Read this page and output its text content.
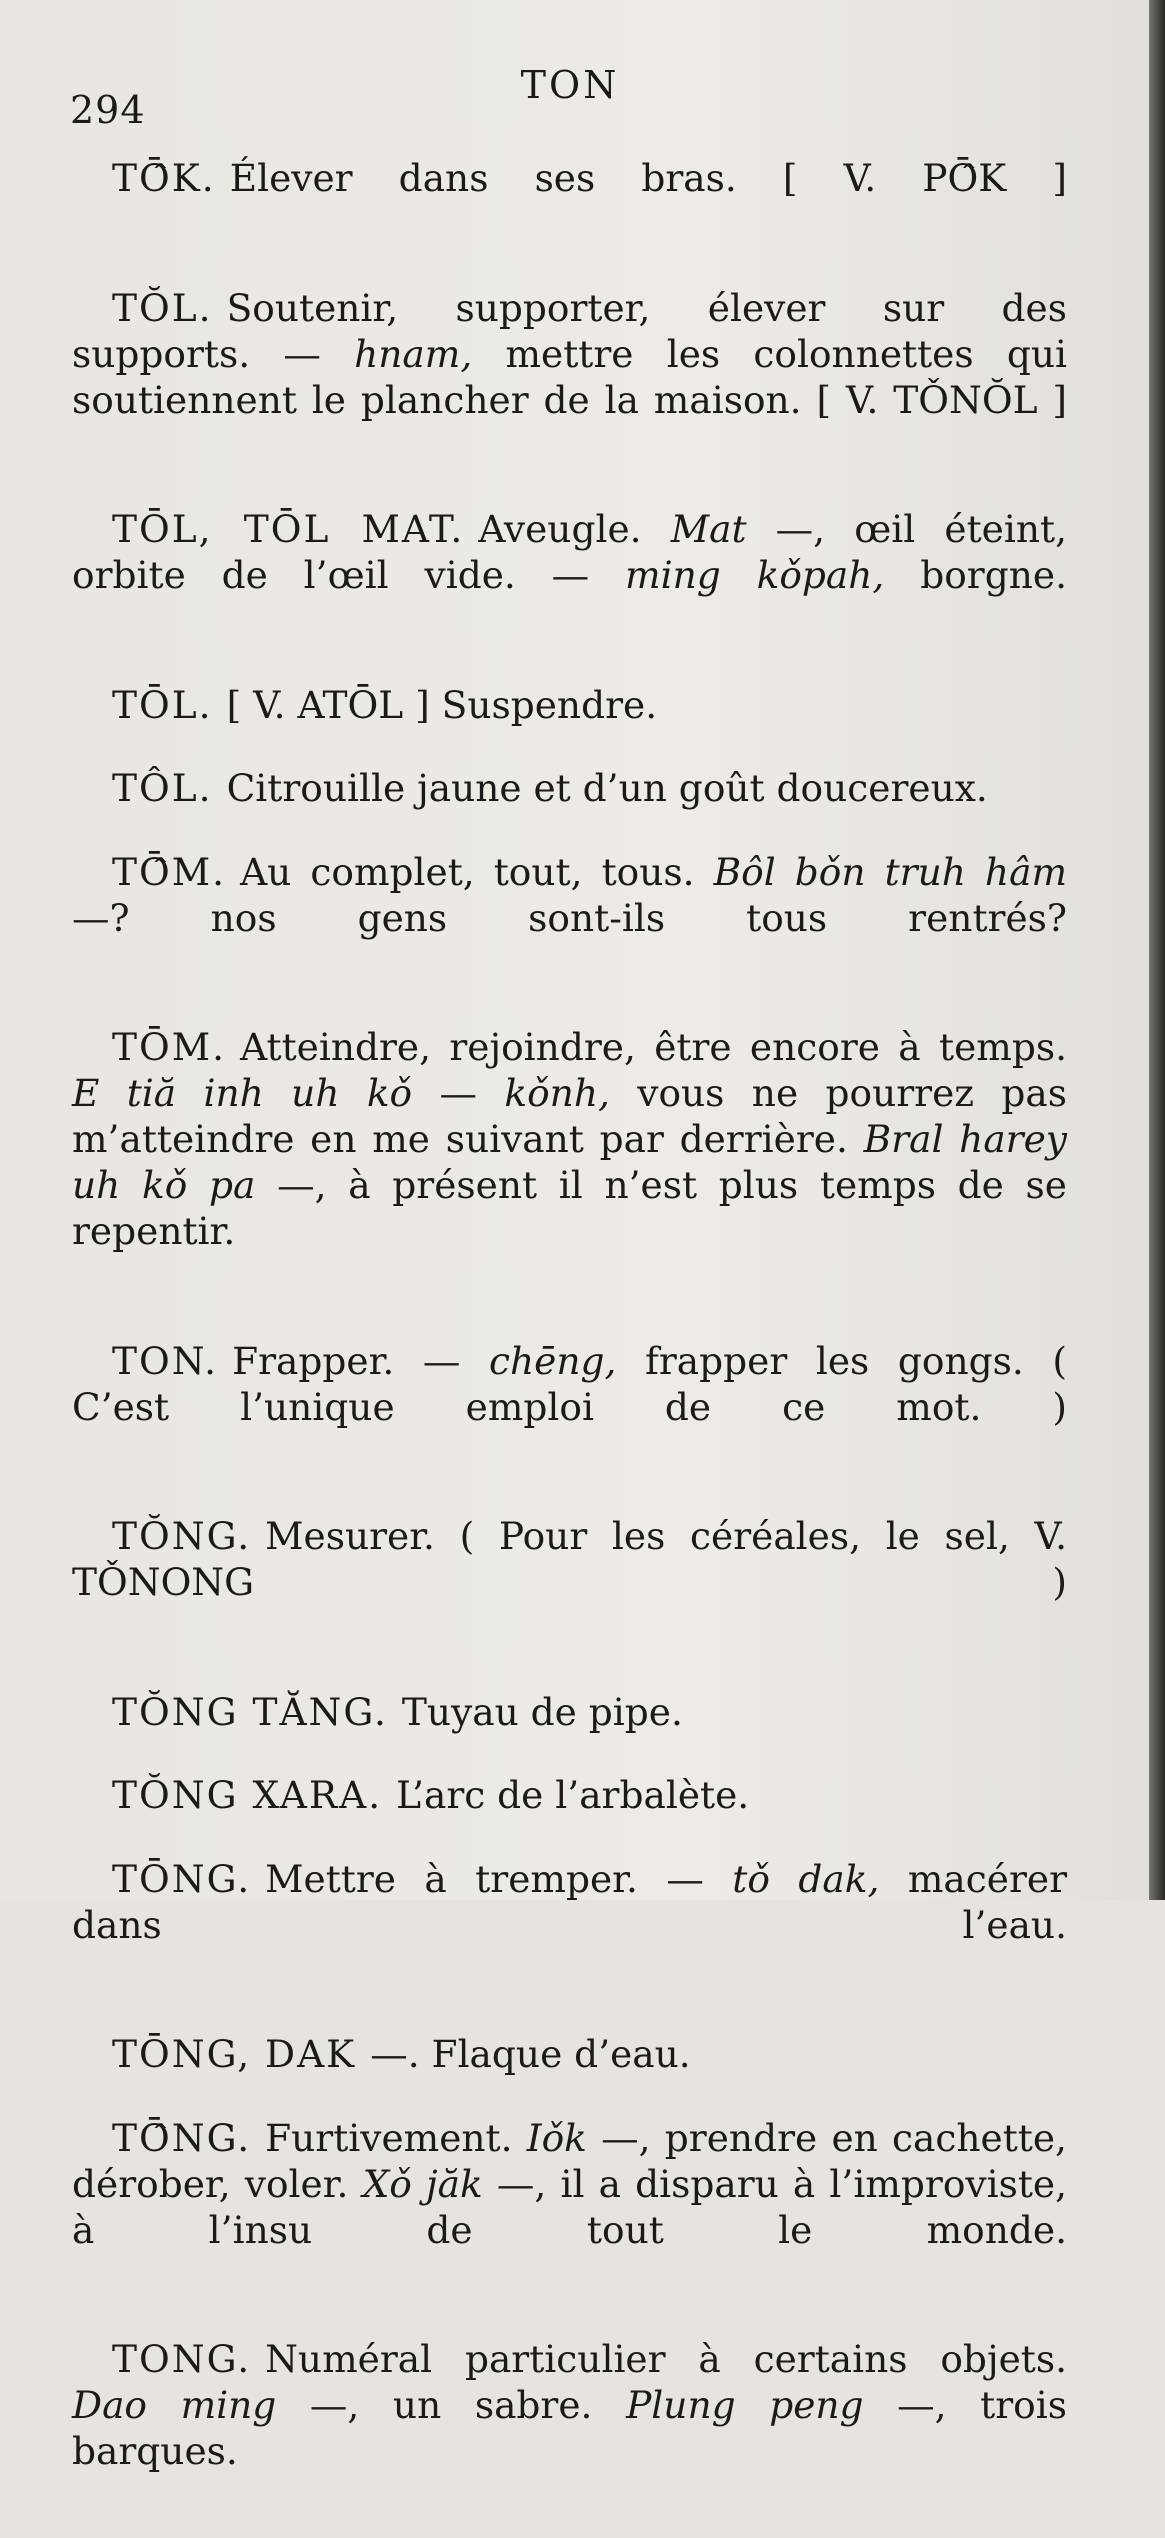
294
TON

TŌ̂K. Élever dans ses bras. [ V. PŌ̂K ]

TŎL. Soutenir, supporter, élever sur des supports. — hnam, mettre les colonnettes qui soutiennent le plancher de la maison. [ V. TǑNŎL ]

TŌL, TŌL MAT. Aveugle. Mat —, œil éteint, orbite de l’œil vide. — ming kǒpah, borgne.

TŌL. [ V. ATŌL ] Suspendre.

TÔL. Citrouille jaune et d’un goût doucereux.

TŌ̂M. Au complet, tout, tous. Bôl bǒn truh hâm —? nos gens sont-ils tous rentrés?

TŌM. Atteindre, rejoindre, être encore à temps. E tiă inh uh kǒ — kǒnh, vous ne pourrez pas m’atteindre en me suivant par derrière. Bral harey uh kǒ pa —, à présent il n’est plus temps de se repentir.

TON. Frapper. — chēng, frapper les gongs. ( C’est l’unique emploi de ce mot. )

TŎNG. Mesurer. ( Pour les céréales, le sel, V. TǑNONG )

TŎNG TĂNG. Tuyau de pipe.

TŎNG XARA. L’arc de l’arbalète.

TŌNG. Mettre à tremper. — tǒ dak, macérer dans l’eau.

TŌNG, DAK —. Flaque d’eau.

TŌ̂NG. Furtivement. Iǒk —, prendre en cachette, dérober, voler. Xǒ jăk —, il a disparu à l’improviste, à l’insu de tout le monde.

TONG. Numéral particulier à certains objets. Dao ming —, un sabre. Plung peng —, trois barques.
